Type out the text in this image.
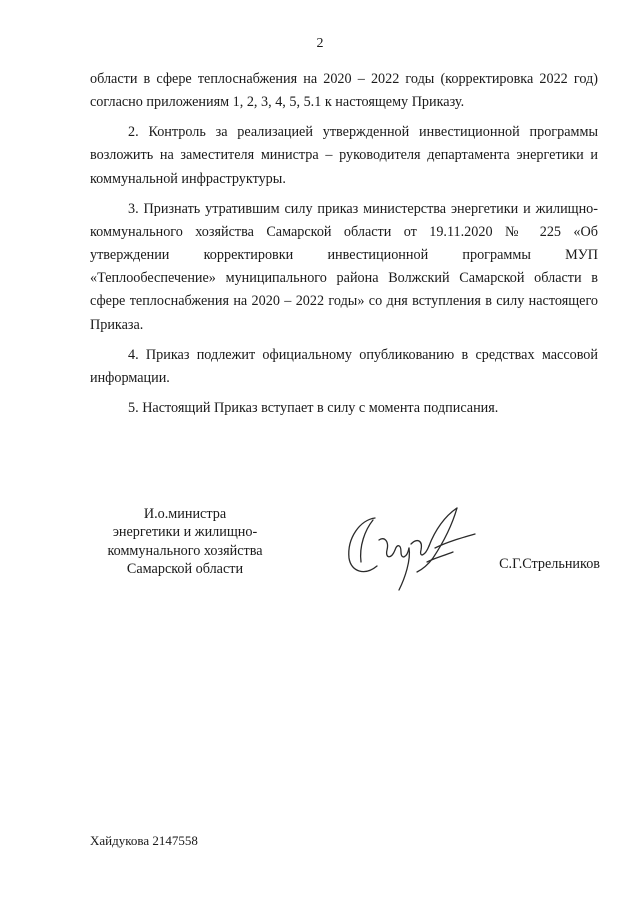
2

области в сфере теплоснабжения на 2020 – 2022 годы (корректировка 2022 год) согласно приложениям 1, 2, 3, 4, 5, 5.1 к настоящему Приказу.

2. Контроль за реализацией утвержденной инвестиционной программы возложить на заместителя министра – руководителя департамента энергетики и коммунальной инфраструктуры.

3. Признать утратившим силу приказ министерства энергетики и жилищно-коммунального хозяйства Самарской области от 19.11.2020 № 225 «Об утверждении корректировки инвестиционной программы МУП «Теплообеспечение» муниципального района Волжский Самарской области в сфере теплоснабжения на 2020 – 2022 годы» со дня вступления в силу настоящего Приказа.

4. Приказ подлежит официальному опубликованию в средствах массовой информации.

5. Настоящий Приказ вступает в силу с момента подписания.

И.о.министра
энергетики и жилищно-
коммунального хозяйства
Самарской области	С.Г.Стрельников
Хайдукова 2147558
